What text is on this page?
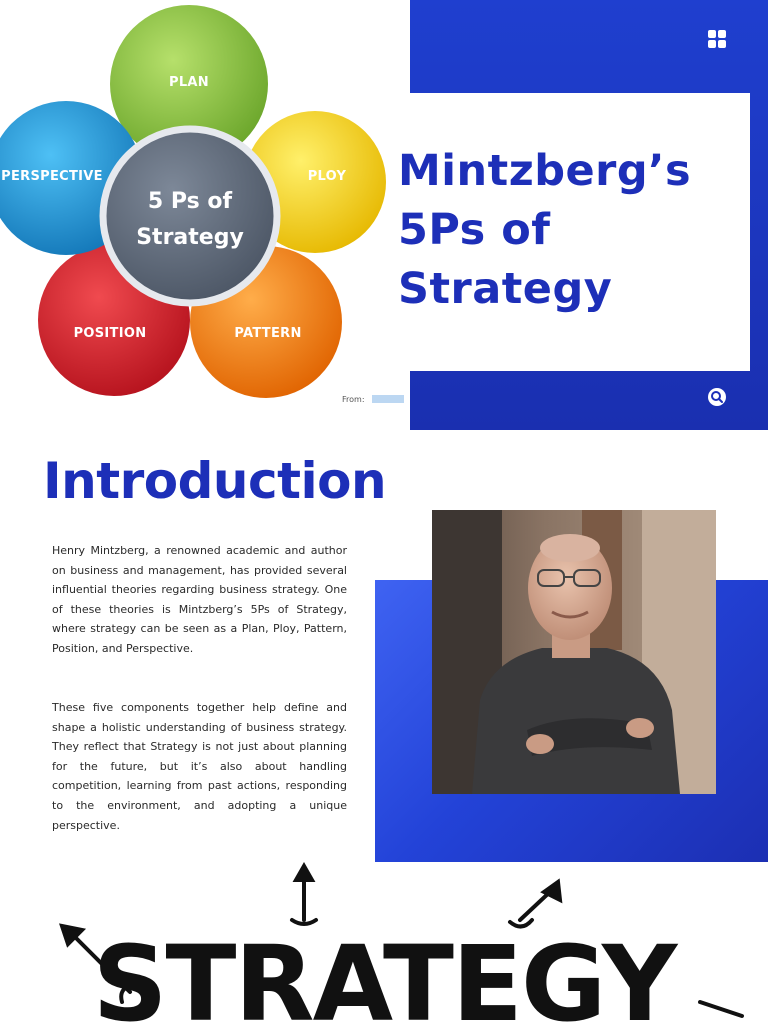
PLAN
PLOY
PATTERN
POSITION
PERSPECTIVE
5 Ps of
Strategy
From:
Mintzberg’s
5Ps of
Strategy
Introduction

Henry Mintzberg, a renowned academic and author on business and management, has provided several influential theories regarding business strategy. One of these theories is Mintzberg’s 5Ps of Strategy, where strategy can be seen as a Plan, Ploy, Pattern, Position, and Perspective.

These five components together help define and shape a holistic understanding of business strategy. They reflect that Strategy is not just about planning for the future, but it’s also about handling competition, learning from past actions, responding to the environment, and adopting a unique perspective.

STRATEGY
